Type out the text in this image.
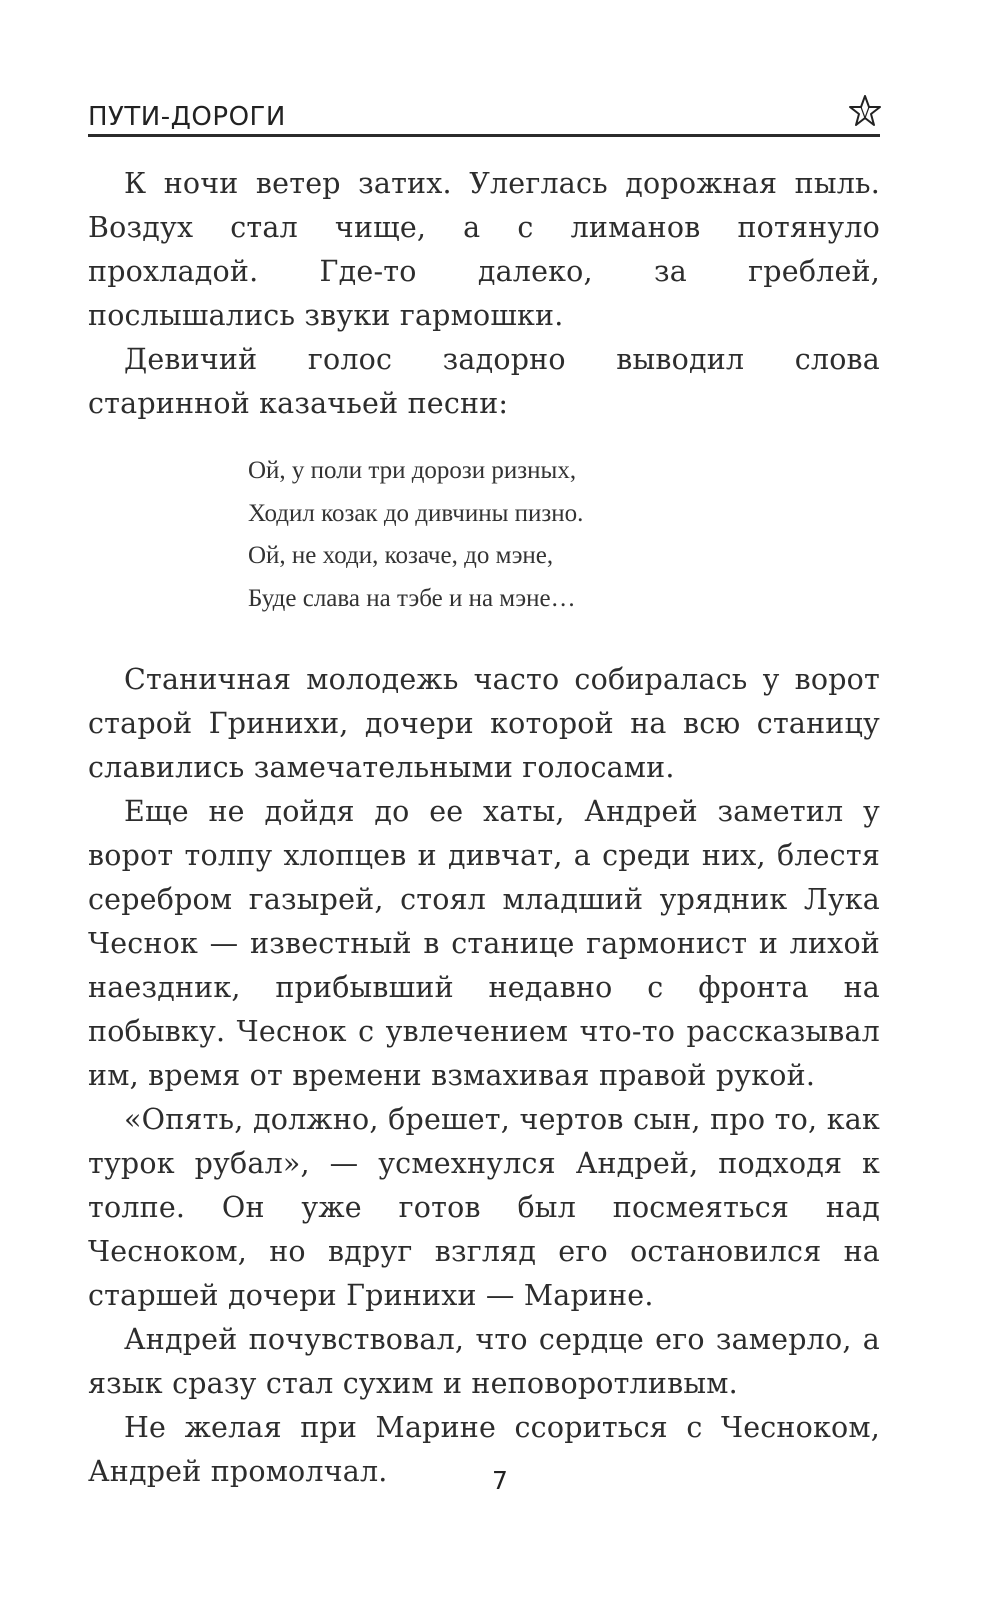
ПУТИ-ДОРОГИ

К ночи ветер затих. Улеглась дорожная пыль. Воздух стал чище, а с лиманов потянуло прохладой. Где-то далеко, за греблей, послышались звуки гармошки.

Девичий голос задорно выводил слова старинной казачьей песни:

Ой, у поли три дорози ризных,
Ходил козак до дивчины пизно.
Ой, не ходи, козаче, до мэне,
Буде слава на тэбе и на мэне…

Станичная молодежь часто собиралась у ворот старой Гринихи, дочери которой на всю станицу славились замечательными голосами.

Еще не дойдя до ее хаты, Андрей заметил у ворот толпу хлопцев и дивчат, а среди них, блестя серебром газырей, стоял младший урядник Лука Чеснок — известный в станице гармонист и лихой наездник, прибывший недавно с фронта на побывку. Чеснок с увлечением что-то рассказывал им, время от времени взмахивая правой рукой.

«Опять, должно, брешет, чертов сын, про то, как турок рубал», — усмехнулся Андрей, подходя к толпе. Он уже готов был посмеяться над Чесноком, но вдруг взгляд его остановился на старшей дочери Гринихи — Марине.

Андрей почувствовал, что сердце его замерло, а язык сразу стал сухим и неповоротливым.

Не желая при Марине ссориться с Чесноком, Андрей промолчал.	7
